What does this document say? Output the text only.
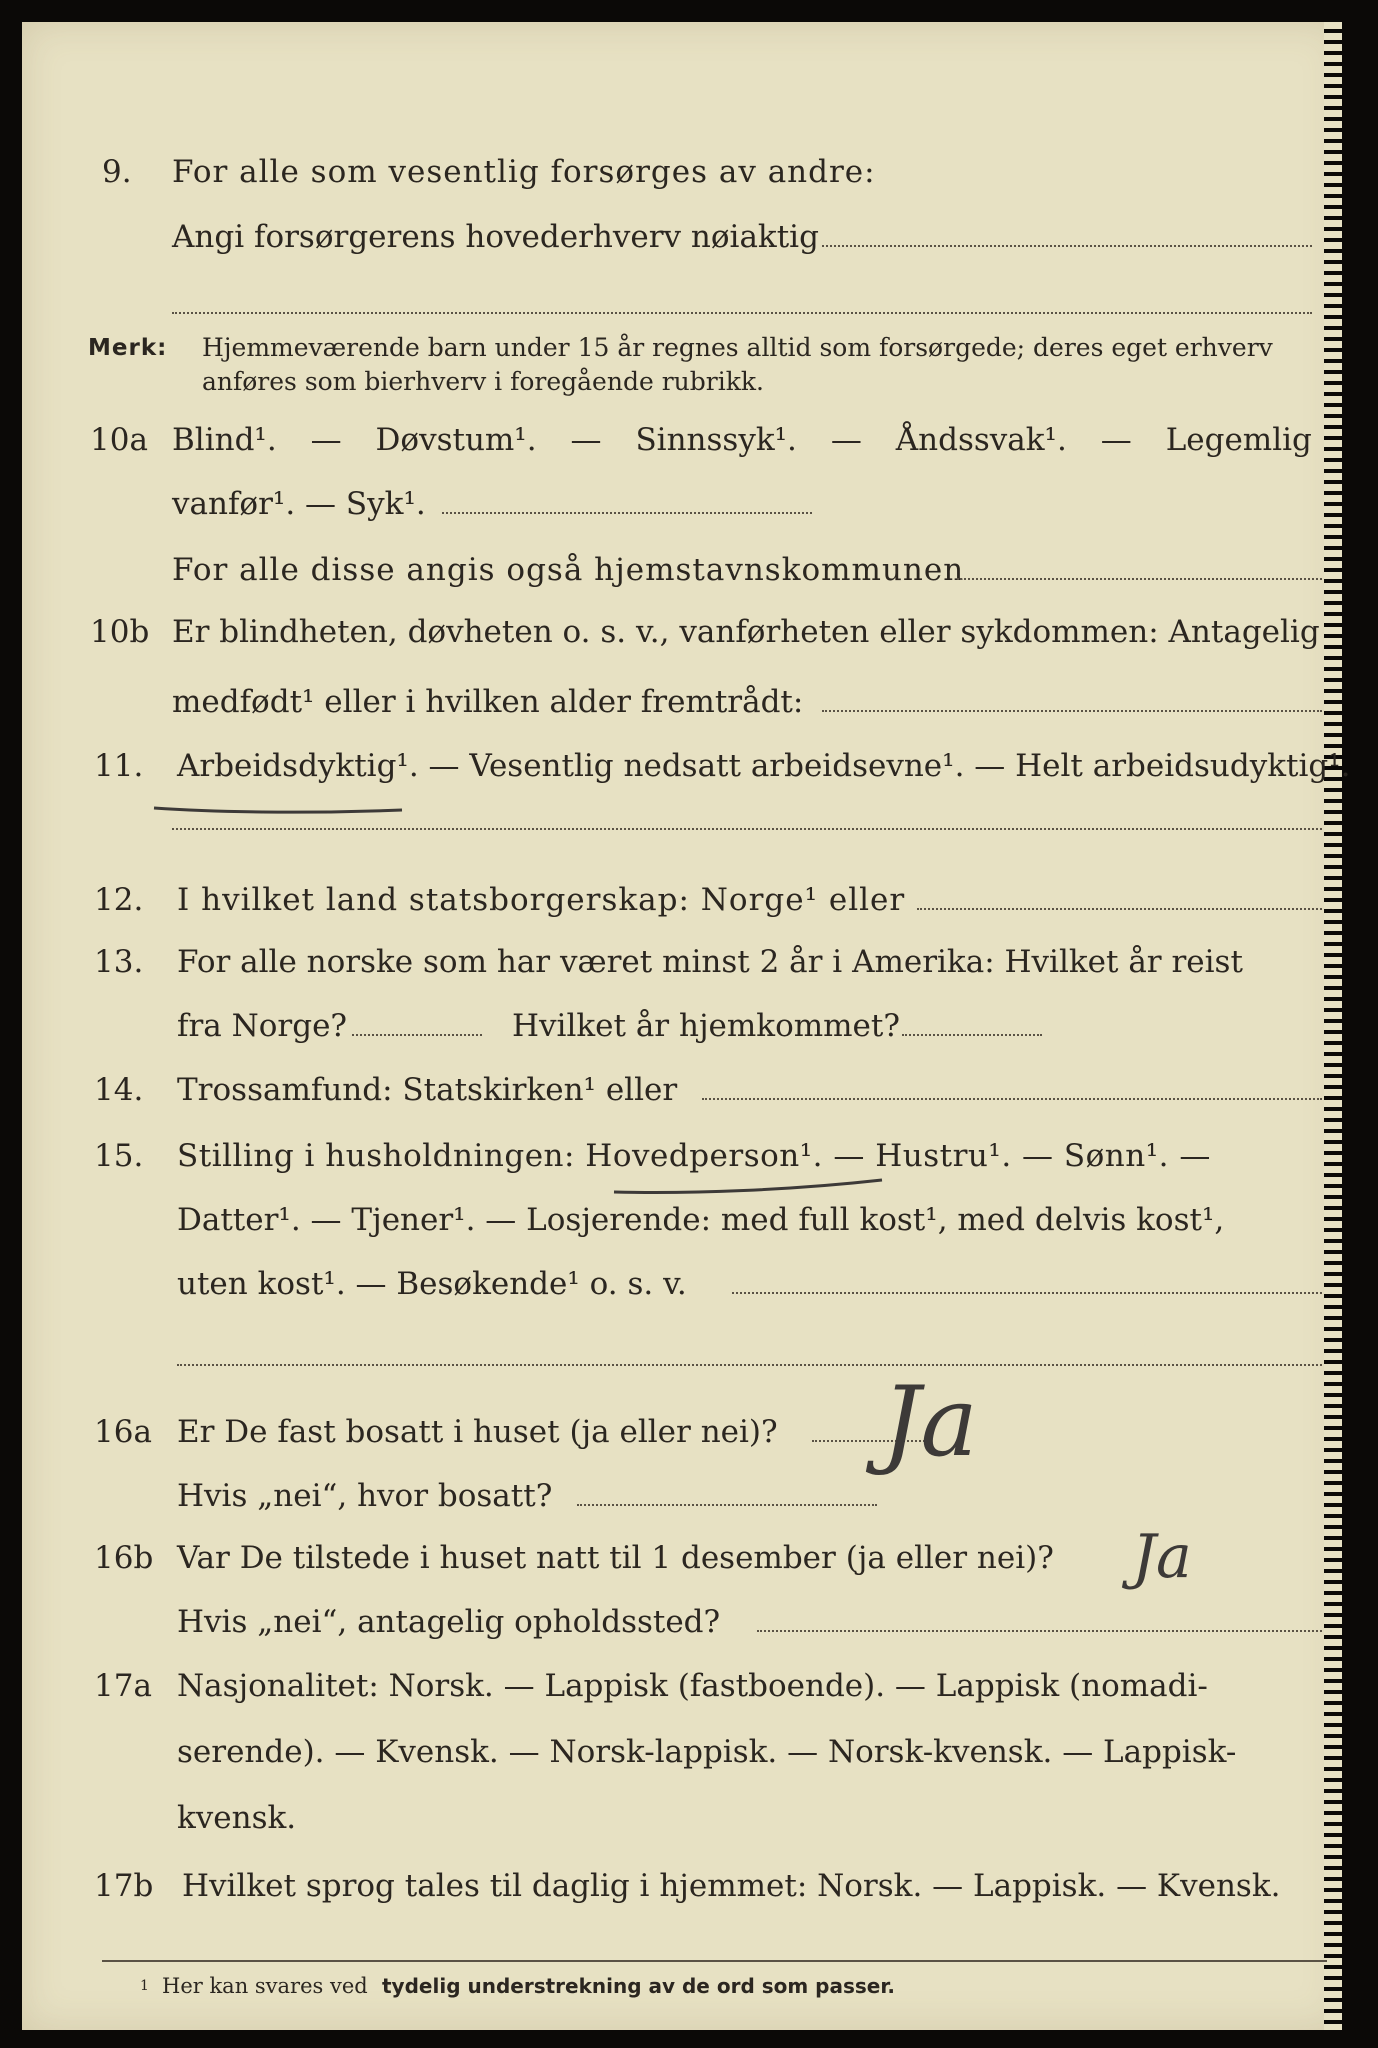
9.	For alle som vesentlig forsørges av andre:
Angi forsørgerens hovederhverv nøiaktig
Merk: Hjemmeværende barn under 15 år regnes alltid som forsørgede; deres eget erhverv
anføres som bierhverv i foregående rubrikk.
10a Blind¹. — Døvstum¹. — Sinnssyk¹. — Åndssvak¹. — Legemlig
vanfør¹. — Syk¹.
For alle disse angis også hjemstavnskommunen
10b Er blindheten, døvheten o. s. v., vanførheten eller sykdommen: Antagelig
medfødt¹ eller i hvilken alder fremtrådt:
11.	Arbeidsdyktig¹. — Vesentlig nedsatt arbeidsevne¹. — Helt arbeidsudyktig¹.
12.	I hvilket land statsborgerskap: Norge¹ eller
13.	For alle norske som har været minst 2 år i Amerika: Hvilket år reist
fra Norge?	Hvilket år hjemkommet?
14.	Trossamfund: Statskirken¹ eller
15.	Stilling i husholdningen: Hovedperson¹. — Hustru¹. — Sønn¹. —
Datter¹. — Tjener¹. — Losjerende: med full kost¹, med delvis kost¹,
uten kost¹. — Besøkende¹ o. s. v.
16a Er De fast bosatt i huset (ja eller nei)? Ja
Hvis „nei“, hvor bosatt?
16b Var De tilstede i huset natt til 1 desember (ja eller nei)? Ja
Hvis „nei“, antagelig opholdssted?
17a Nasjonalitet: Norsk. — Lappisk (fastboende). — Lappisk (nomadi-
serende). — Kvensk. — Norsk-lappisk. — Norsk-kvensk. — Lappisk-
kvensk.
17b Hvilket sprog tales til daglig i hjemmet: Norsk. — Lappisk. — Kvensk.
1 Her kan svares ved tydelig understrekning av de ord som passer.
